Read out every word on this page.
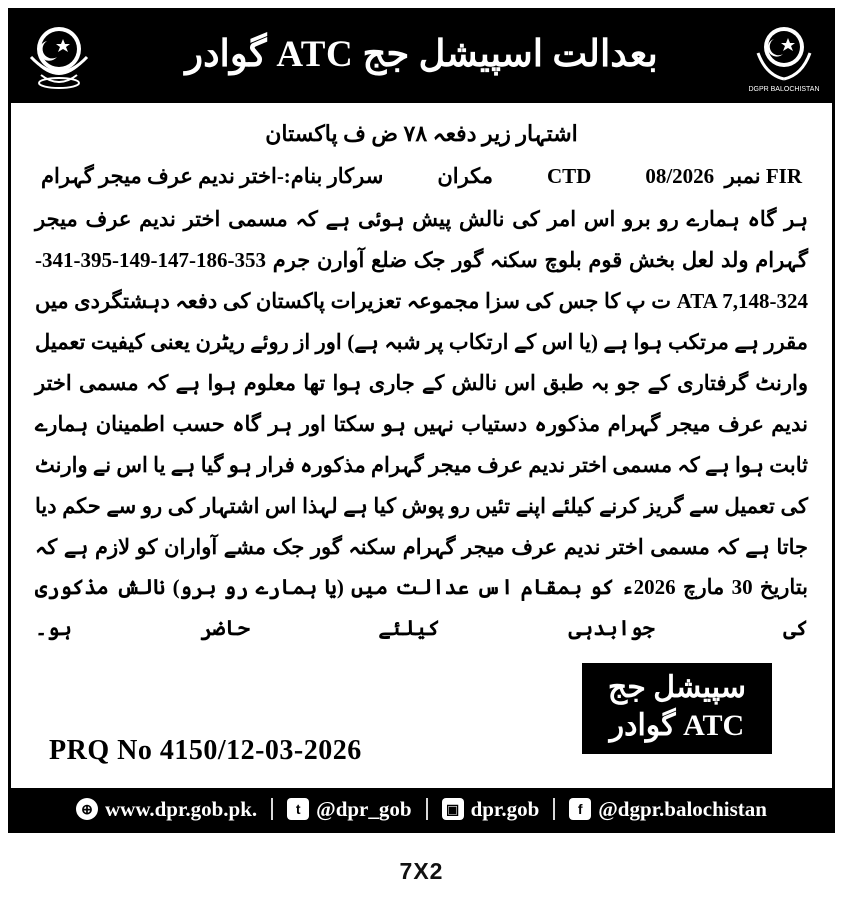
بعدالت اسپیشل جج ATC گوادر
DGPR BALOCHISTAN
اشتہار زیر دفعہ ۷۸ ض ف پاکستان
FIR نمبر  08/2026
CTD
مکران
سرکار بنام:-اختر ندیم عرف میجر گہرام
ہر گاہ ہمارے رو برو اس امر کی نالش پیش ہوئی ہے کہ مسمی اختر ندیم عرف میجر گہرام ولد لعل بخش قوم بلوچ سکنہ گور جک ضلع آوارن جرم 353-186-147-149-395-341-324-148,ATA 7 ت پ کا جس کی سزا مجموعہ تعزیرات پاکستان کی دفعہ دہشتگردی میں مقرر ہے مرتکب ہوا ہے (یا اس کے ارتکاب پر شبہ ہے) اور از روئے ریٹرن یعنی کیفیت تعمیل وارنٹ گرفتاری کے جو بہ طبق اس نالش کے جاری ہوا تھا معلوم ہوا ہے کہ مسمی اختر ندیم عرف میجر گہرام مذکورہ دستیاب نہیں ہو سکتا اور ہر گاہ حسب اطمینان ہمارے ثابت ہوا ہے کہ مسمی اختر ندیم عرف میجر گہرام مذکورہ فرار ہو گیا ہے یا اس نے وارنٹ کی تعمیل سے گریز کرنے کیلئے اپنے تئیں رو پوش کیا ہے لہذا اس اشتہار کی رو سے حکم دیا جاتا ہے کہ مسمی اختر ندیم عرف میجر گہرام سکنہ گور جک مشے آواران کو لازم ہے کہ بتاریخ 30 مارچ 2026ء کو بمقام اس عدالت میں (یا ہمارے رو برو) نالش مذکوری کی جوابدہی کیلئے حاضر ہو۔
سپیشل جج
ATC گوادر
PRQ No 4150/12-03-2026
⊕ www.dpr.gob.pk.	t @dpr_gob	▣ dpr.gob	f @dgpr.balochistan
7X2
